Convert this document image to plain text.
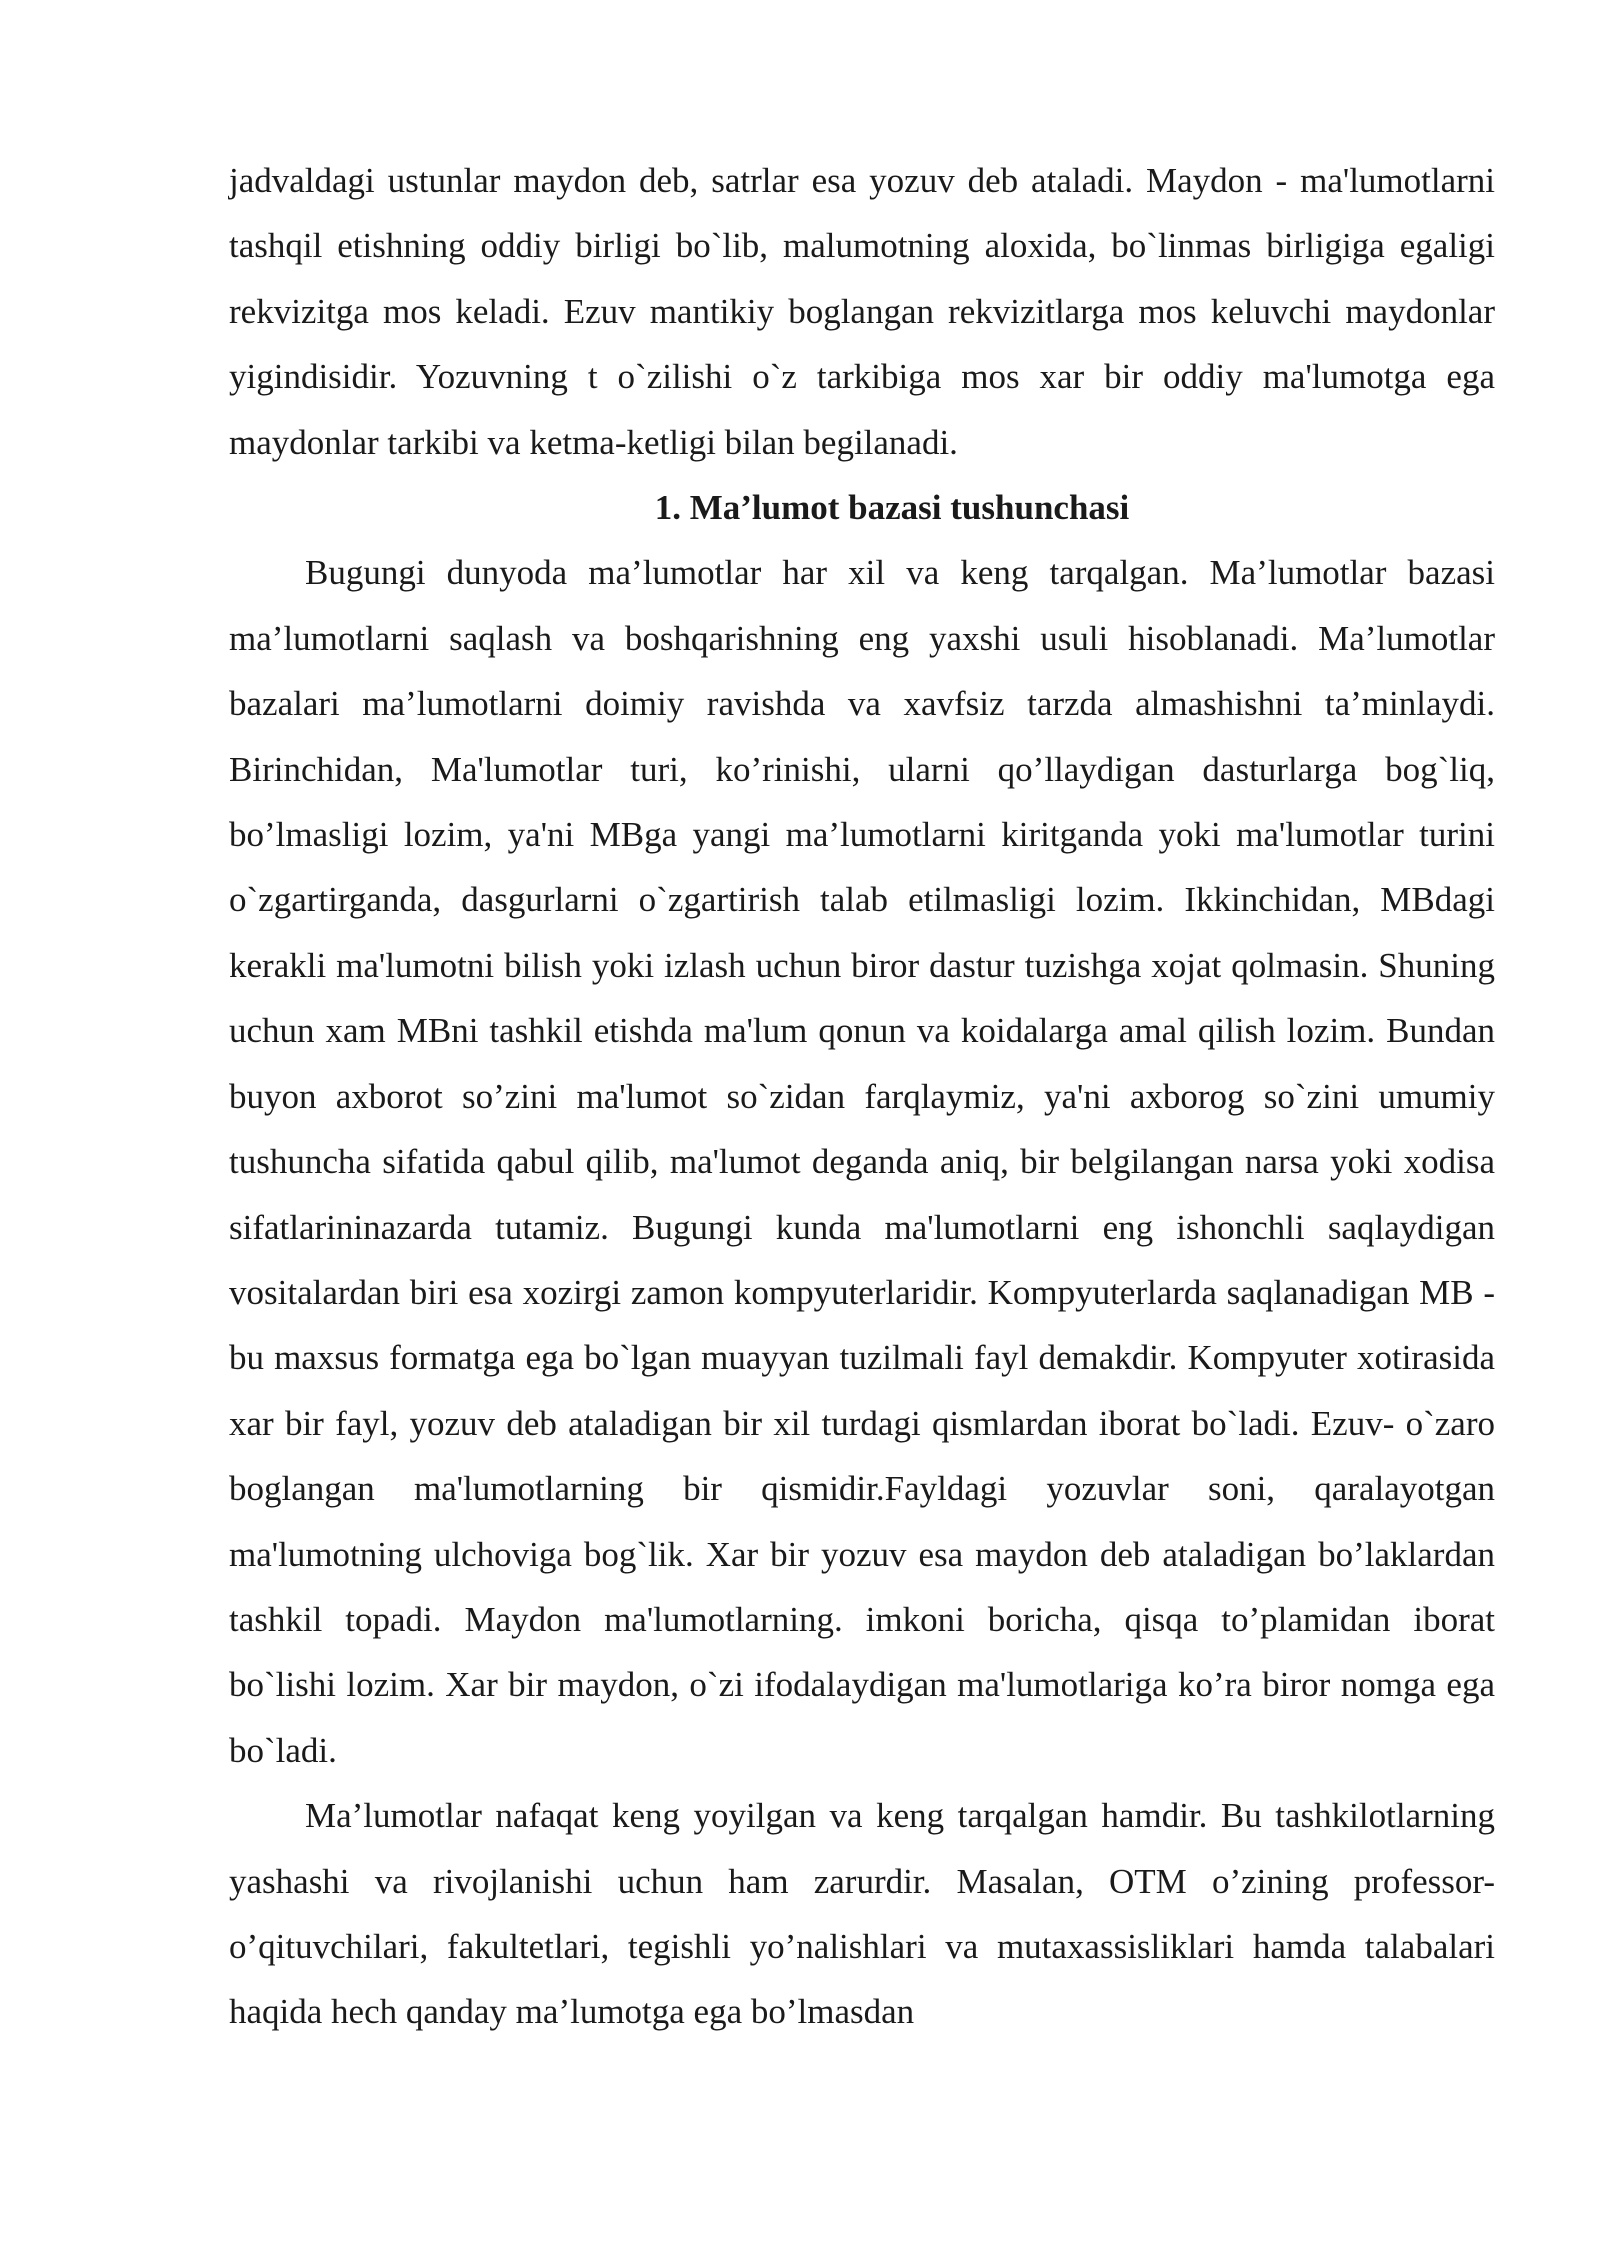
jadvaldagi ustunlar maydon deb, satrlar esa yozuv deb ataladi. Maydon - ma'lumotlarni tashqil etishning oddiy birligi bo`lib, malumotning aloxida, bo`linmas birligiga egaligi rekvizitga mos keladi. Ezuv mantikiy boglangan rekvizitlarga mos keluvchi maydonlar yigindisidir. Yozuvning t o`zilishi o`z tarkibiga mos xar bir oddiy ma'lumotga ega maydonlar tarkibi va ketma-ketligi bilan begilanadi.

1. Ma’lumot bazasi tushunchasi

Bugungi dunyoda ma’lumotlar har xil va keng tarqalgan. Ma’lumotlar bazasi ma’lumotlarni saqlash va boshqarishning eng yaxshi usuli hisoblanadi. Ma’lumotlar bazalari ma’lumotlarni doimiy ravishda va xavfsiz tarzda almashishni ta’minlaydi. Birinchidan, Ma'lumotlar turi, ko’rinishi, ularni qo’llaydigan dasturlarga bog`liq, bo’lmasligi lozim, ya'ni MBga yangi ma’lumotlarni kiritganda yoki ma'lumotlar turini o`zgartirganda, dasgurlarni o`zgartirish talab etilmasligi lozim. Ikkinchidan, MBdagi kerakli ma'lumotni bilish yoki izlash uchun biror dastur tuzishga xojat qolmasin. Shuning uchun xam MBni tashkil etishda ma'lum qonun va koidalarga amal qilish lozim. Bundan buyon axborot so’zini ma'lumot so`zidan farqlaymiz, ya'ni axborog so`zini umumiy tushuncha sifatida qabul qilib, ma'lumot deganda aniq, bir belgilangan narsa yoki xodisa sifatlarininazarda tutamiz. Bugungi kunda ma'lumotlarni eng ishonchli saqlaydigan vositalardan biri esa xozirgi zamon kompyuterlaridir. Kompyuterlarda saqlanadigan MB - bu maxsus formatga ega bo`lgan muayyan tuzilmali fayl demakdir. Kompyuter xotirasida xar bir fayl, yozuv deb ataladigan bir xil turdagi qismlardan iborat bo`ladi. Ezuv- o`zaro boglangan ma'lumotlarning bir qismidir.Fayldagi yozuvlar soni, qaralayotgan ma'lumotning ulchoviga bog`lik. Xar bir yozuv esa maydon deb ataladigan bo’laklardan tashkil topadi. Maydon ma'lumotlarning. imkoni boricha, qisqa to’plamidan iborat bo`lishi lozim. Xar bir maydon, o`zi ifodalaydigan ma'lumotlariga ko’ra biror nomga ega bo`ladi.

Ma’lumotlar nafaqat keng yoyilgan va keng tarqalgan hamdir. Bu tashkilotlarning yashashi va rivojlanishi uchun ham zarurdir. Masalan, OTM o’zining professor-o’qituvchilari, fakultetlari, tegishli yo’nalishlari va mutaxassisliklari hamda talabalari haqida hech qanday ma’lumotga ega bo’lmasdan
